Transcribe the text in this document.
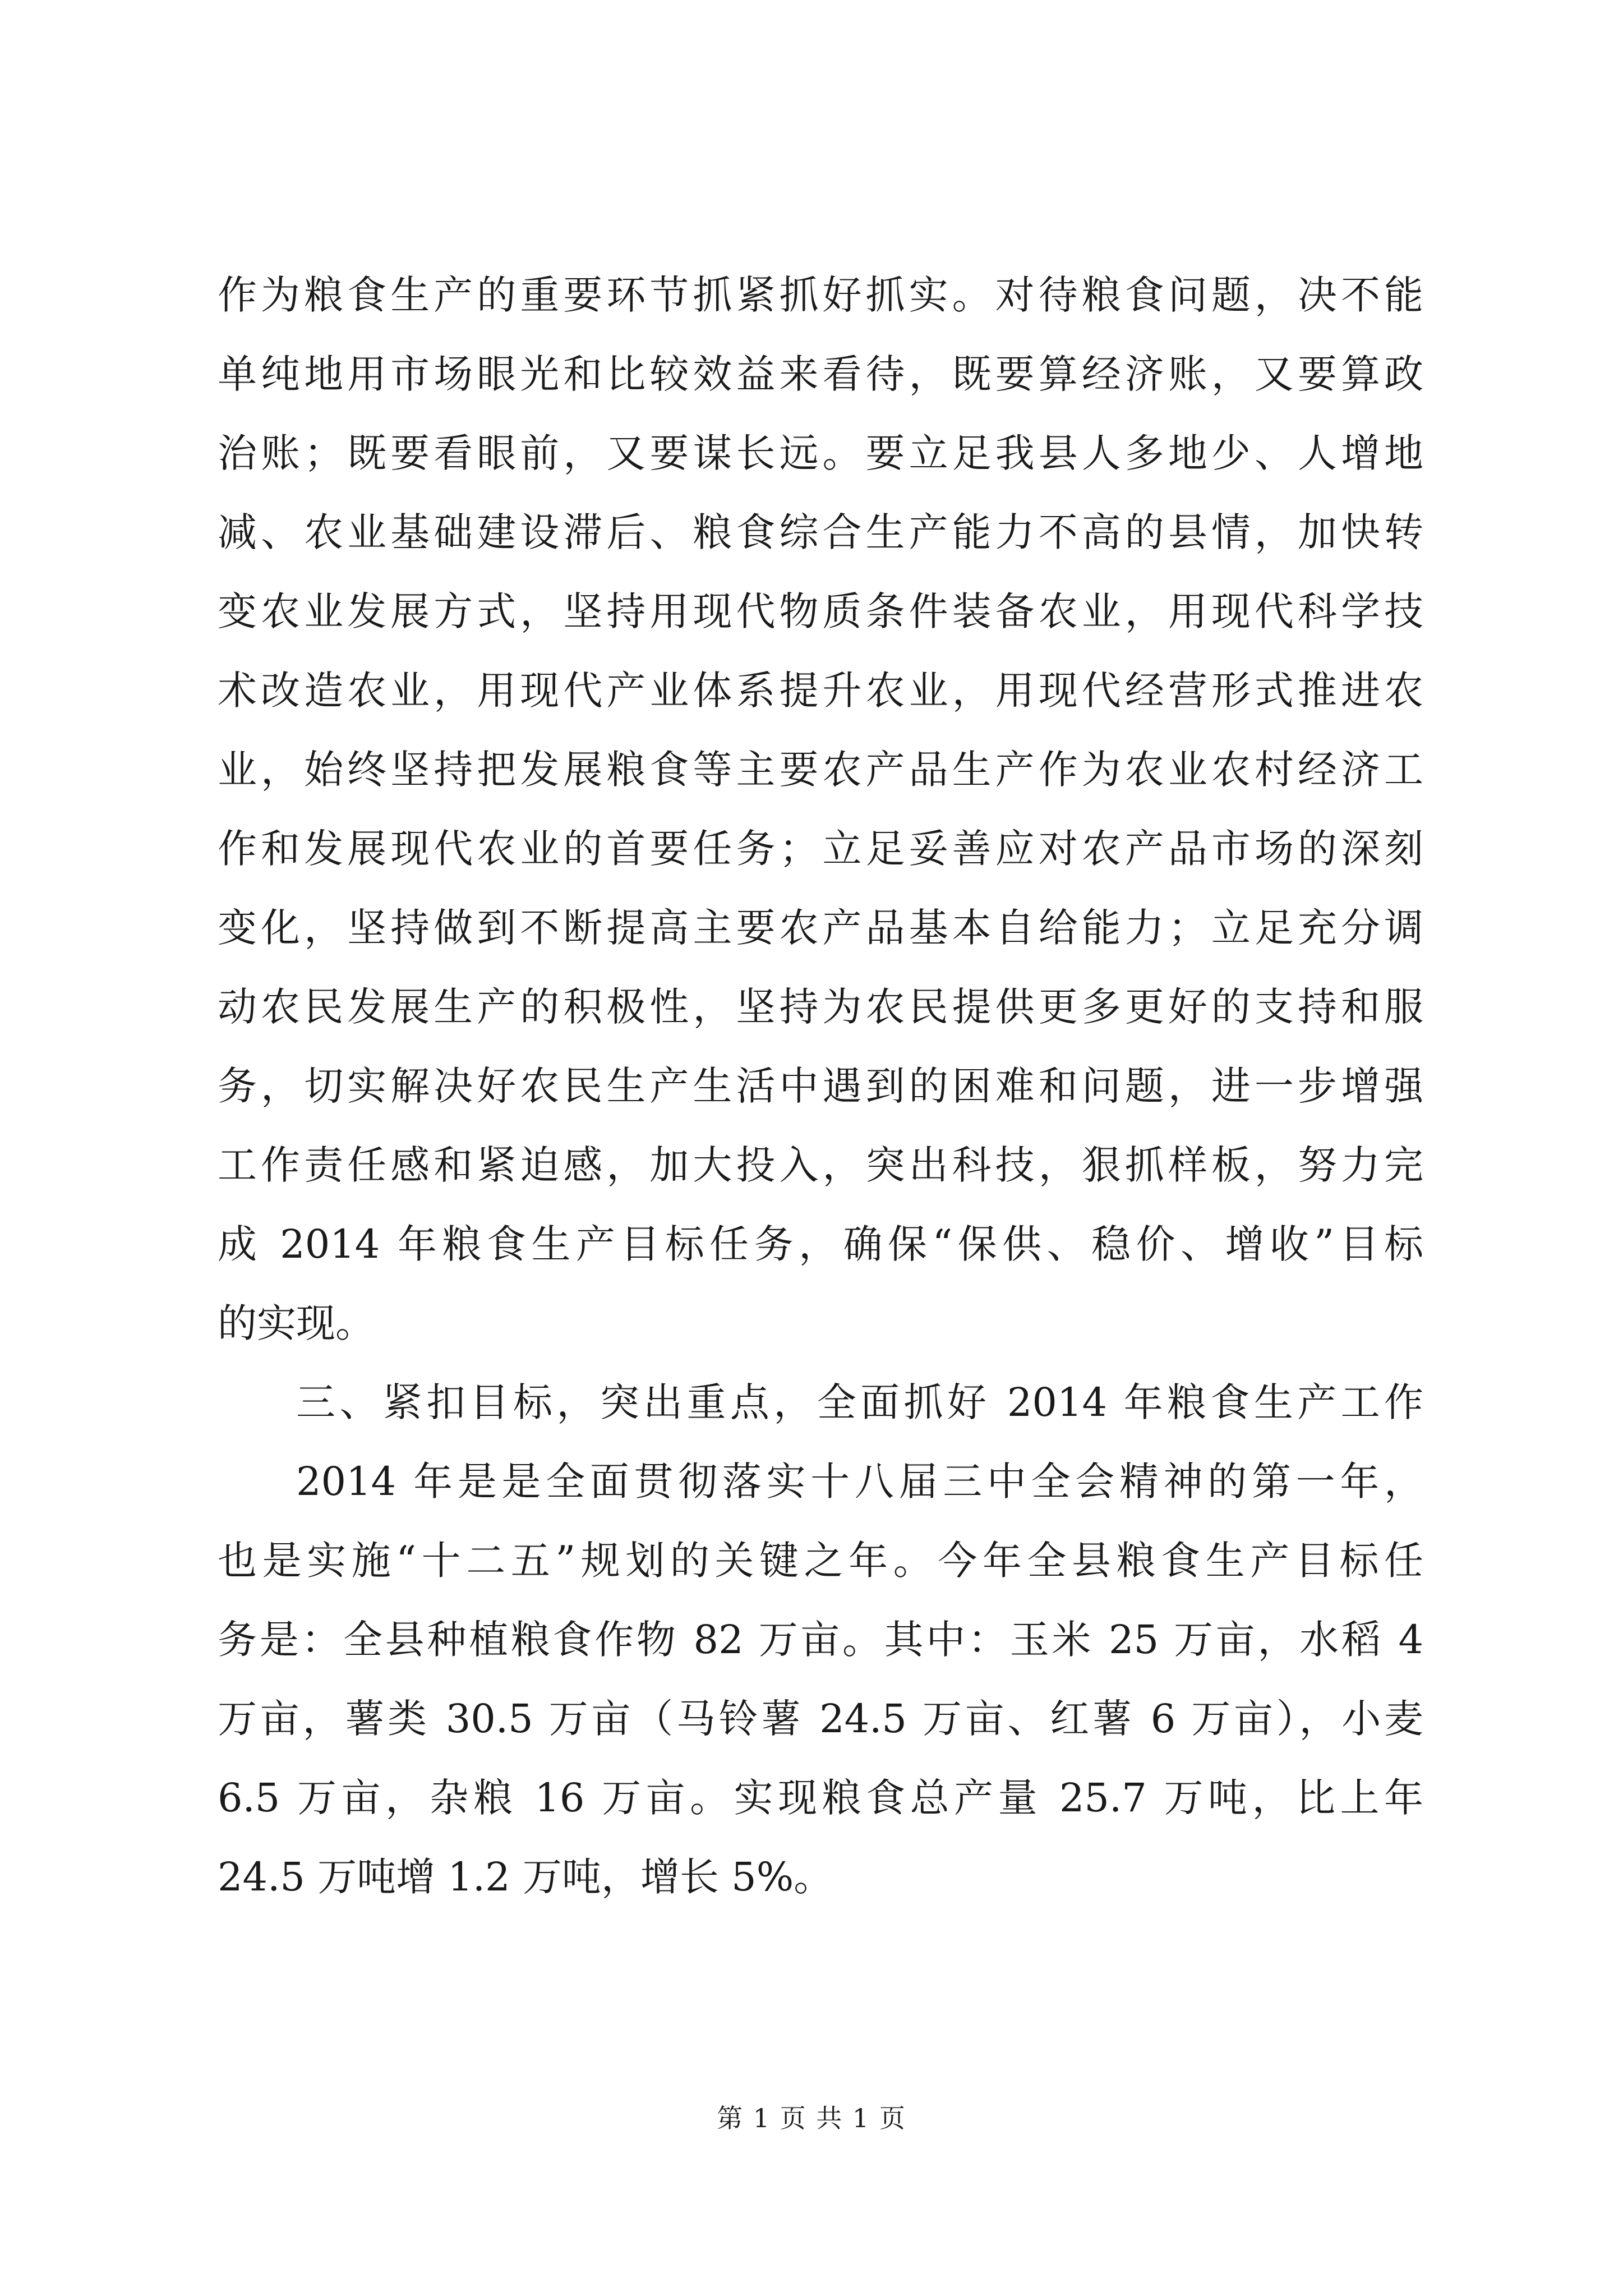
作为粮食生产的重要环节抓紧抓好抓实。对待粮食问题，决不能
单纯地用市场眼光和比较效益来看待，既要算经济账，又要算政
治账；既要看眼前，又要谋长远。要立足我县人多地少、人增地
减、农业基础建设滞后、粮食综合生产能力不高的县情，加快转
变农业发展方式，坚持用现代物质条件装备农业，用现代科学技
术改造农业，用现代产业体系提升农业，用现代经营形式推进农
业，始终坚持把发展粮食等主要农产品生产作为农业农村经济工
作和发展现代农业的首要任务；立足妥善应对农产品市场的深刻
变化，坚持做到不断提高主要农产品基本自给能力；立足充分调
动农民发展生产的积极性，坚持为农民提供更多更好的支持和服
务，切实解决好农民生产生活中遇到的困难和问题，进一步增强
工作责任感和紧迫感，加大投入，突出科技，狠抓样板，努力完
成 2014 年粮食生产目标任务，确保“保供、稳价、增收”目标
的实现。
三、紧扣目标，突出重点，全面抓好 2014 年粮食生产工作
2014 年是是全面贯彻落实十八届三中全会精神的第一年，
也是实施“十二五”规划的关键之年。今年全县粮食生产目标任
务是：全县种植粮食作物 82 万亩。其中：玉米 25 万亩，水稻 4
万亩，薯类 30.5 万亩（马铃薯 24.5 万亩、红薯 6 万亩），小麦
6.5 万亩，杂粮 16 万亩。实现粮食总产量 25.7 万吨，比上年
24.5 万吨增 1.2 万吨，增长 5%。
第 1 页 共 1 页
